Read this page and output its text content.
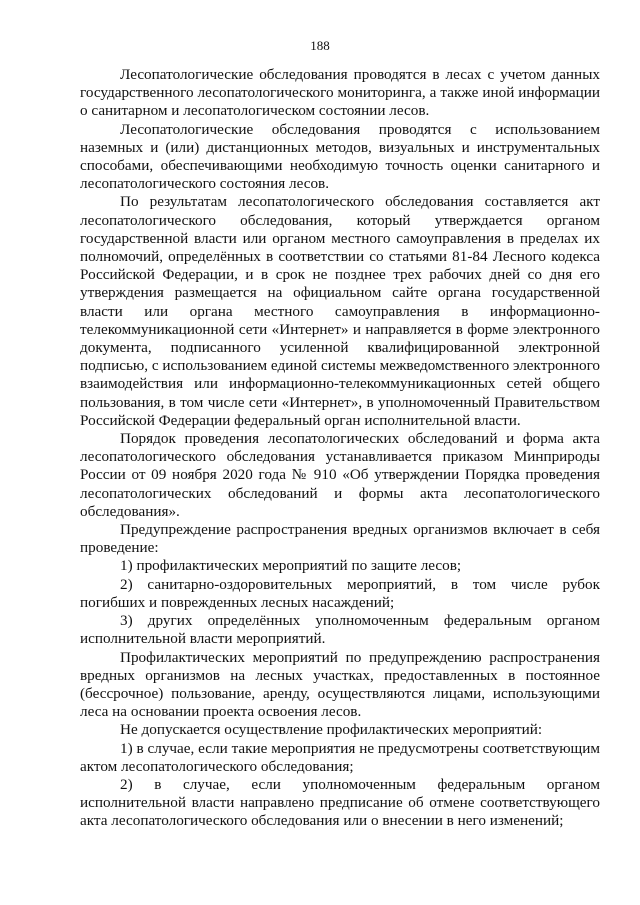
188

Лесопатологические обследования проводятся в лесах с учетом данных государственного лесопатологического мониторинга, а также иной информации о санитарном и лесопатологическом состоянии лесов.

Лесопатологические обследования проводятся с использованием наземных и (или) дистанционных методов, визуальных и инструментальных способами, обеспечивающими необходимую точность оценки санитарного и лесопатологического состояния лесов.

По результатам лесопатологического обследования составляется акт лесопатологического обследования, который утверждается органом государственной власти или органом местного самоуправления в пределах их полномочий, определённых в соответствии со статьями 81-84 Лесного кодекса Российской Федерации, и в срок не позднее трех рабочих дней со дня его утверждения размещается на официальном сайте органа государственной власти или органа местного самоуправления в информационно-телекоммуникационной сети «Интернет» и направляется в форме электронного документа, подписанного усиленной квалифицированной электронной подписью, с использованием единой системы межведомственного электронного взаимодействия или информационно-телекоммуникационных сетей общего пользования, в том числе сети «Интернет», в уполномоченный Правительством Российской Федерации федеральный орган исполнительной власти.

Порядок проведения лесопатологических обследований и форма акта лесопатологического обследования устанавливается приказом Минприроды России от 09 ноября 2020 года № 910 «Об утверждении Порядка проведения лесопатологических обследований и формы акта лесопатологического обследования».

Предупреждение распространения вредных организмов включает в себя проведение:

1) профилактических мероприятий по защите лесов;

2) санитарно-оздоровительных мероприятий, в том числе рубок погибших и поврежденных лесных насаждений;

3) других определённых уполномоченным федеральным органом исполнительной власти мероприятий.

Профилактических мероприятий по предупреждению распространения вредных организмов на лесных участках, предоставленных в постоянное (бессрочное) пользование, аренду, осуществляются лицами, использующими леса на основании проекта освоения лесов.

Не допускается осуществление профилактических мероприятий:

1) в случае, если такие мероприятия не предусмотрены соответствующим актом лесопатологического обследования;

2) в случае, если уполномоченным федеральным органом исполнительной власти направлено предписание об отмене соответствующего акта лесопатологического обследования или о внесении в него изменений;
